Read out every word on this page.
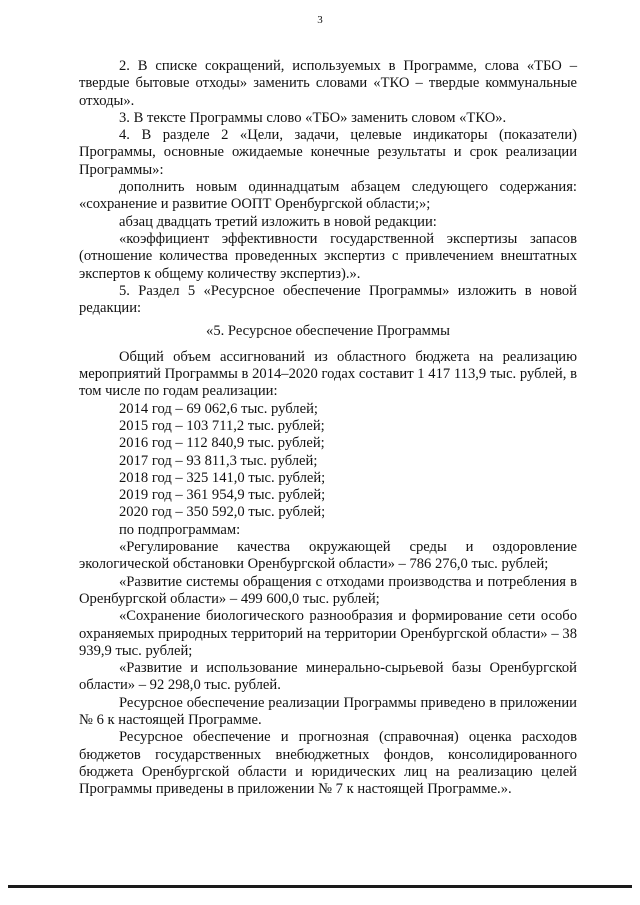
3

2. В списке сокращений, используемых в Программе, слова «ТБО – твердые бытовые отходы» заменить словами «ТКО – твердые коммунальные отходы».

3. В тексте Программы слово «ТБО» заменить словом «ТКО».

4. В разделе 2 «Цели, задачи, целевые индикаторы (показатели) Программы, основные ожидаемые конечные результаты и срок реализации Программы»:

дополнить новым одиннадцатым абзацем следующего содержания: «сохранение и развитие ООПТ Оренбургской области;»;

абзац двадцать третий изложить в новой редакции:

«коэффициент эффективности государственной экспертизы запасов (отношение количества проведенных экспертиз с привлечением внештатных экспертов к общему количеству экспертиз).».

5. Раздел 5 «Ресурсное обеспечение Программы» изложить в новой редакции:

«5. Ресурсное обеспечение Программы

Общий объем ассигнований из областного бюджета на реализацию мероприятий Программы в 2014–2020 годах составит 1 417 113,9 тыс. рублей, в том числе по годам реализации:

2014 год – 69 062,6 тыс. рублей;

2015 год – 103 711,2 тыс. рублей;

2016 год – 112 840,9 тыс. рублей;

2017 год – 93 811,3 тыс. рублей;

2018 год – 325 141,0 тыс. рублей;

2019 год – 361 954,9 тыс. рублей;

2020 год – 350 592,0 тыс. рублей;

по подпрограммам:

«Регулирование качества окружающей среды и оздоровление экологической обстановки Оренбургской области» – 786 276,0 тыс. рублей;

«Развитие системы обращения с отходами производства и потребления в Оренбургской области» – 499 600,0 тыс. рублей;

«Сохранение биологического разнообразия и формирование сети особо охраняемых природных территорий на территории Оренбургской области» – 38 939,9 тыс. рублей;

«Развитие и использование минерально-сырьевой базы Оренбургской области» – 92 298,0 тыс. рублей.

Ресурсное обеспечение реализации Программы приведено в приложении № 6 к настоящей Программе.

Ресурсное обеспечение и прогнозная (справочная) оценка расходов бюджетов государственных внебюджетных фондов, консолидированного бюджета Оренбургской области и юридических лиц на реализацию целей Программы приведены в приложении № 7 к настоящей Программе.».
